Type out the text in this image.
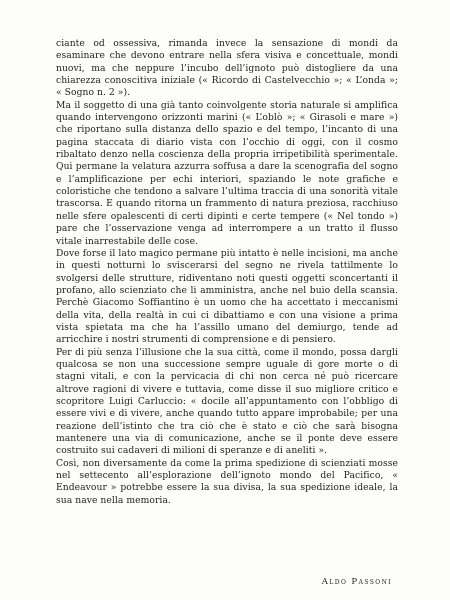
ciante od ossessiva, rimanda invece la sensazione di mondi da esaminare che devono entrare nella sfera visiva e concettuale, mondi nuovi, ma che neppure l’incubo dell’ignoto può distogliere da una chiarezza conoscitiva iniziale (« Ricordo di Castelvecchio »; « L’onda »; « Sogno n. 2 »).

Ma il soggetto di una già tanto coinvolgente storia naturale si amplifica quando intervengono orizzonti marini (« L’oblò »; « Girasoli e mare ») che riportano sulla distanza dello spazio e del tempo, l’incanto di una pagina staccata di diario vista con l’occhio di oggi, con il cosmo ribaltato denzo nella coscienza della propria irripetibilità sperimentale. Qui permane la velatura azzurra soffusa a dare la scenografia del sogno e l’amplificazione per echi interiori, spaziando le note grafiche e coloristiche che tendono a salvare l’ultima traccia di una sonorità vitale trascorsa. E quando ritorna un frammento di natura preziosa, racchiuso nelle sfere opalescenti di certi dipinti e certe tempere (« Nel tondo ») pare che l’osservazione venga ad interrompere a un tratto il flusso vitale inarrestabile delle cose.

Dove forse il lato magico permane più intatto è nelle incisioni, ma anche in questi notturni lo sviscerarsi del segno ne rivela tattilmente lo svolgersi delle strutture, ridiventano noti questi oggetti sconcertanti il profano, allo scienziato che li amministra, anche nel buio della scansia. Perchè Giacomo Soffiantino è un uomo che ha accettato i meccanismi della vita, della realtà in cui ci dibattiamo e con una visione a prima vista spietata ma che ha l’assillo umano del demiurgo, tende ad arricchire i nostri strumenti di comprensione e di pensiero.

Per di più senza l’illusione che la sua città, come il mondo, possa dargli qualcosa se non una successione sempre uguale di gore morte o di stagni vitali, e con la pervicacia di chi non cerca né può ricercare altrove ragioni di vivere e tuttavia, come disse il suo migliore critico e scopritore Luigi Carluccio: « docile all’appuntamento con l’obbligo di essere vivi e di vivere, anche quando tutto appare improbabile; per una reazione dell’istinto che tra ciò che è stato e ciò che sarà bisogna mantenere una via di comunicazione, anche se il ponte deve essere costruito sui cadaveri di milioni di speranze e di aneliti ».

Così, non diversamente da come la prima spedizione di scienziati mosse nel settecento all’esplorazione dell’ignoto mondo del Pacifico, « Endeavour » potrebbe essere la sua divisa, la sua spedizione ideale, la sua nave nella memoria.

Aldo Passoni
